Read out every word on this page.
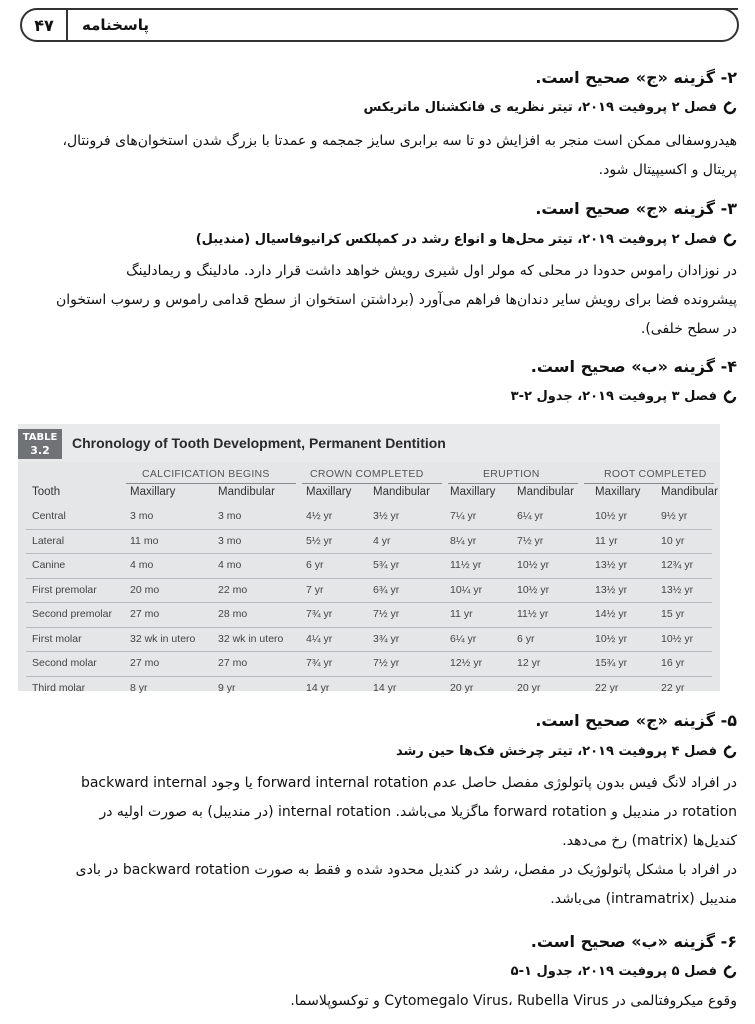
۴۷	پاسخنامه
۲- گزینه «ج» صحیح است.
فصل ۲ پروفیت ۲۰۱۹، تیتر نظریه ی فانکشنال ماتریکس
هیدروسفالی ممکن است منجر به افزایش دو تا سه برابری سایز جمجمه و عمدتا با بزرگ شدن استخوان‌های فرونتال،
پریتال و اکسیپیتال شود.
۳- گزینه «ج» صحیح است.
فصل ۲ پروفیت ۲۰۱۹، تیتر محل‌ها و انواع رشد در کمپلکس کرانیوفاسیال (مندیبل)
در نوزادان راموس حدودا در محلی که مولر اول شیری رویش خواهد داشت قرار دارد. مادلینگ و ریمادلینگ
پیشرونده فضا برای رویش سایر دندان‌ها فراهم می‌آورد (برداشتن استخوان از سطح قدامی راموس و رسوب استخوان
در سطح خلفی).
۴- گزینه «ب» صحیح است.
فصل ۳ پروفیت ۲۰۱۹، جدول ۲-۳
TABLE
3.2	Chronology of Tooth Development, Permanent Dentition
CALCIFICATION BEGINS	CROWN COMPLETED	ERUPTION	ROOT COMPLETED
Tooth	Maxillary	Mandibular	Maxillary Mandibular Maxillary Mandibular Maxillary Mandibular
Central	3 mo	3 mo	4½ yr	3½ yr	7¼ yr	6¼ yr	10½ yr	9½ yr
Lateral	11 mo	3 mo	5½ yr	4 yr	8¼ yr	7½ yr	11 yr	10 yr
Canine	4 mo	4 mo	6 yr	5¾ yr	11½ yr	10½ yr	13½ yr	12¾ yr
First premolar	20 mo	22 mo	7 yr	6¾ yr	10¼ yr	10½ yr	13½ yr	13½ yr
Second premolar 27 mo	28 mo	7¾ yr	7½ yr	11 yr	11½ yr	14½ yr	15 yr
First molar	32 wk in utero 32 wk in utero 4¼ yr	3¾ yr	6¼ yr	6 yr	10½ yr	10½ yr
Second molar	27 mo	27 mo	7¾ yr	7½ yr	12½ yr	12 yr	15¾ yr	16 yr
Third molar	8 yr	9 yr	14 yr	14 yr	20 yr	20 yr	22 yr	22 yr
۵- گزینه «ج» صحیح است.
فصل ۴ پروفیت ۲۰۱۹، تیتر چرخش فک‌ها حین رشد
در افراد لانگ فیس بدون پاتولوژی مفصل حاصل عدم forward internal rotation یا وجود backward internal
rotation در مندیبل و forward rotation ماگزیلا می‌باشد. internal rotation (در مندیبل) به صورت اولیه در
کندیل‌ها (matrix) رخ می‌دهد.
در افراد با مشکل پاتولوژیک در مفصل، رشد در کندیل محدود شده و فقط به صورت backward rotation در بادی
مندیبل (intramatrix) می‌باشد.
۶- گزینه «ب» صحیح است.
فصل ۵ پروفیت ۲۰۱۹، جدول ۱-۵
وقوع میکروفتالمی در Cytomegalo Virus، Rubella Virus و توکسوپلاسما.
